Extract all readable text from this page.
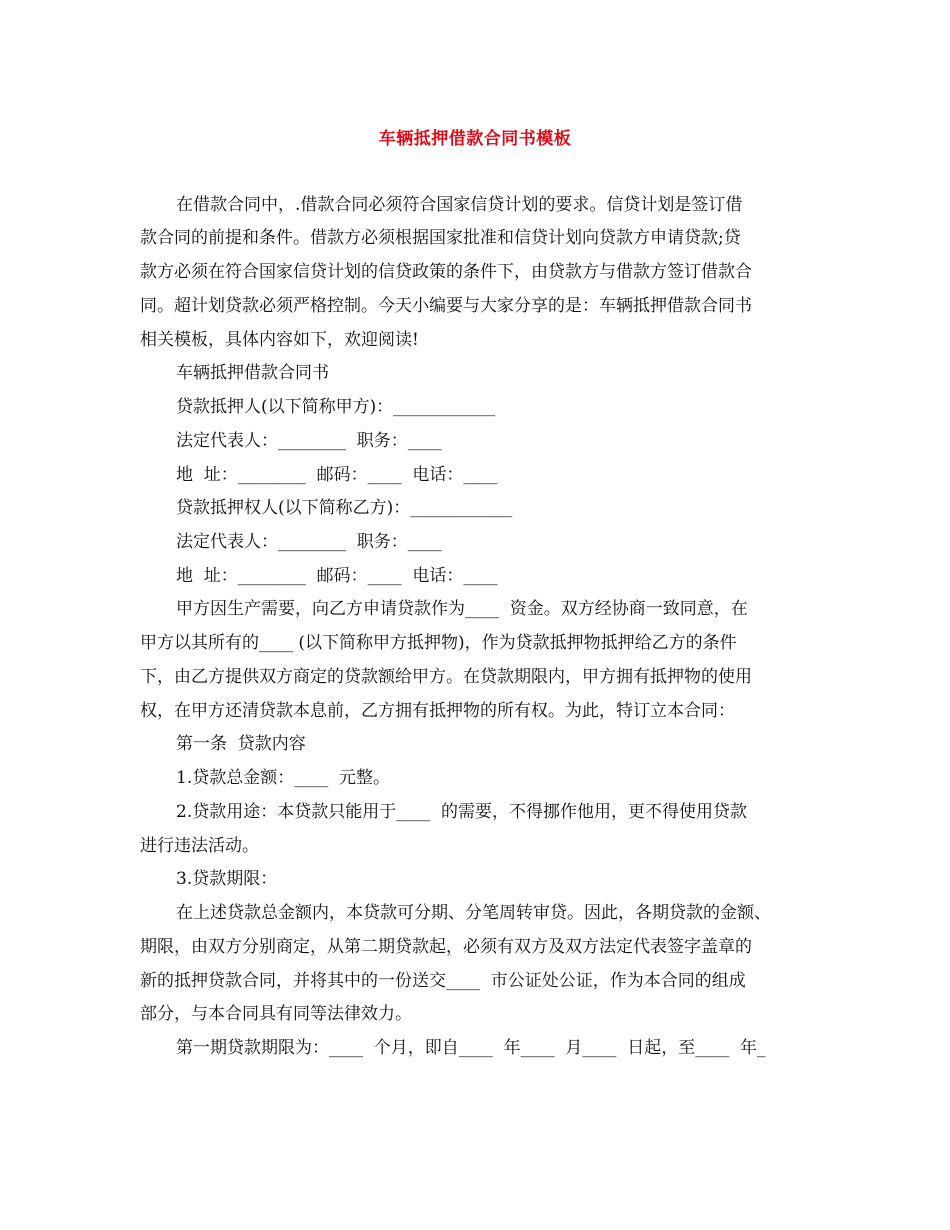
车辆抵押借款合同书模板
在借款合同中，.借款合同必须符合国家信贷计划的要求。信贷计划是签订借
款合同的前提和条件。借款方必须根据国家批准和信贷计划向贷款方申请贷款;贷
款方必须在符合国家信贷计划的信贷政策的条件下，由贷款方与借款方签订借款合
同。超计划贷款必须严格控制。今天小编要与大家分享的是：车辆抵押借款合同书
相关模板，具体内容如下，欢迎阅读!
车辆抵押借款合同书
贷款抵押人(以下简称甲方)：____________
法定代表人：________  职务：____
地  址：________  邮码：____  电话：____
贷款抵押权人(以下简称乙方)：____________
法定代表人：________  职务：____
地  址：________  邮码：____  电话：____
甲方因生产需要，向乙方申请贷款作为____  资金。双方经协商一致同意，在
甲方以其所有的____ (以下简称甲方抵押物)，作为贷款抵押物抵押给乙方的条件
下，由乙方提供双方商定的贷款额给甲方。在贷款期限内，甲方拥有抵押物的使用
权，在甲方还清贷款本息前，乙方拥有抵押物的所有权。为此，特订立本合同：
第一条  贷款内容
1.贷款总金额：____  元整。
2.贷款用途：本贷款只能用于____  的需要，不得挪作他用，更不得使用贷款
进行违法活动。
3.贷款期限：
在上述贷款总金额内，本贷款可分期、分笔周转审贷。因此，各期贷款的金额、
期限，由双方分别商定，从第二期贷款起，必须有双方及双方法定代表签字盖章的
新的抵押贷款合同，并将其中的一份送交____  市公证处公证，作为本合同的组成
部分，与本合同具有同等法律效力。
第一期贷款期限为：____  个月，即自____  年____  月____  日起，至____  年_
